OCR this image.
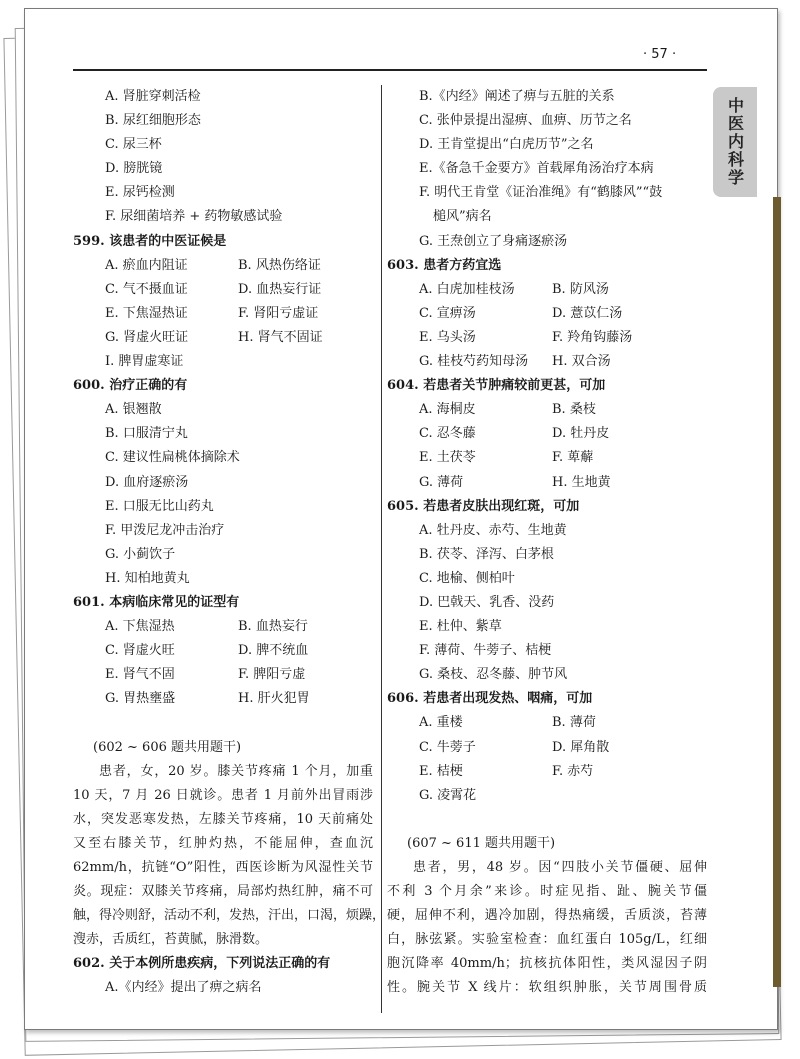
· 57 ·
中医内科学
A. 肾脏穿刺活检
B. 尿红细胞形态
C. 尿三杯
D. 膀胱镜
E. 尿钙检测
F. 尿细菌培养 + 药物敏感试验
599. 该患者的中医证候是
A. 瘀血内阻证	B. 风热伤络证
C. 气不摄血证	D. 血热妄行证
E. 下焦湿热证	F. 肾阳亏虚证
G. 肾虚火旺证	H. 肾气不固证
I. 脾胃虚寒证
600. 治疗正确的有
A. 银翘散
B. 口服清宁丸
C. 建议性扁桃体摘除术
D. 血府逐瘀汤
E. 口服无比山药丸
F. 甲泼尼龙冲击治疗
G. 小蓟饮子
H. 知柏地黄丸
601. 本病临床常见的证型有
A. 下焦湿热	B. 血热妄行
C. 肾虚火旺	D. 脾不统血
E. 肾气不固	F. 脾阳亏虚
G. 胃热壅盛	H. 肝火犯胃
(602 ~ 606 题共用题干)
患者，女，20 岁。膝关节疼痛 1 个月，加重
10 天，7 月 26 日就诊。患者 1 月前外出冒雨涉
水，突发恶寒发热，左膝关节疼痛，10 天前痛处
又至右膝关节，红肿灼热，不能屈伸，查血沉
62mm/h，抗链“O”阳性，西医诊断为风湿性关节
炎。现症：双膝关节疼痛，局部灼热红肿，痛不可
触，得冷则舒，活动不利，发热，汗出，口渴，烦躁，
溲赤，舌质红，苔黄腻，脉滑数。
602. 关于本例所患疾病，下列说法正确的有
A.《内经》提出了痹之病名
B.《内经》阐述了痹与五脏的关系
C. 张仲景提出湿痹、血痹、历节之名
D. 王肯堂提出“白虎历节”之名
E.《备急千金要方》首载犀角汤治疗本病
F. 明代王肯堂《证治准绳》有“鹤膝风”“鼓
槌风”病名
G. 王焘创立了身痛逐瘀汤
603. 患者方药宜选
A. 白虎加桂枝汤	B. 防风汤
C. 宣痹汤	D. 薏苡仁汤
E. 乌头汤	F. 羚角钩藤汤
G. 桂枝芍药知母汤	H. 双合汤
604. 若患者关节肿痛较前更甚，可加
A. 海桐皮	B. 桑枝
C. 忍冬藤	D. 牡丹皮
E. 土茯苓	F. 萆薢
G. 薄荷	H. 生地黄
605. 若患者皮肤出现红斑，可加
A. 牡丹皮、赤芍、生地黄
B. 茯苓、泽泻、白茅根
C. 地榆、侧柏叶
D. 巴戟天、乳香、没药
E. 杜仲、紫草
F. 薄荷、牛蒡子、桔梗
G. 桑枝、忍冬藤、肿节风
606. 若患者出现发热、咽痛，可加
A. 重楼	B. 薄荷
C. 牛蒡子	D. 犀角散
E. 桔梗	F. 赤芍
G. 凌霄花
(607 ~ 611 题共用题干)
患者，男，48 岁。因“四肢小关节僵硬、屈伸
不利 3 个月余”来诊。时症见指、趾、腕关节僵
硬，屈伸不利，遇冷加剧，得热痛缓，舌质淡，苔薄
白，脉弦紧。实验室检查：血红蛋白 105g/L，红细
胞沉降率 40mm/h；抗核抗体阳性，类风湿因子阴
性。腕关节 X 线片：软组织肿胀，关节周围骨质
